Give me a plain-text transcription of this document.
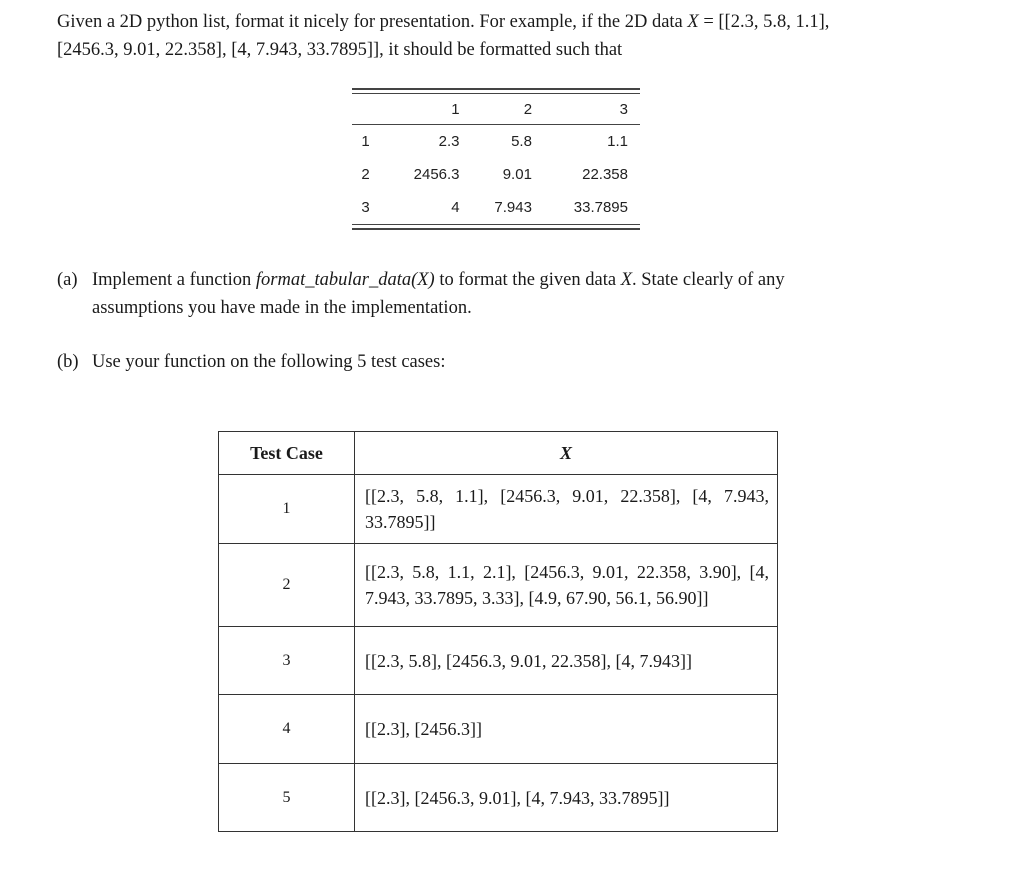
Given a 2D python list, format it nicely for presentation. For example, if the 2D data X = [[2.3, 5.8, 1.1],
[2456.3, 9.01, 22.358], [4, 7.943, 33.7895]], it should be formatted such that

	1	2	3
1	2.3	5.8	1.1
2	2456.3	9.01	22.358
3	4	7.943	33.7895
(a) Implement a function format_tabular_data(X) to format the given data X. State clearly of any
assumptions you have made in the implementation.
(b) Use your function on the following 5 test cases:
Test Case	X
1	[[2.3, 5.8, 1.1], [2456.3, 9.01, 22.358], [4, 7.943, 33.7895]]
2	[[2.3, 5.8, 1.1, 2.1], [2456.3, 9.01, 22.358, 3.90], [4, 7.943, 33.7895, 3.33], [4.9, 67.90, 56.1, 56.90]]
3	[[2.3, 5.8], [2456.3, 9.01, 22.358], [4, 7.943]]
4	[[2.3], [2456.3]]
5	[[2.3], [2456.3, 9.01], [4, 7.943, 33.7895]]
